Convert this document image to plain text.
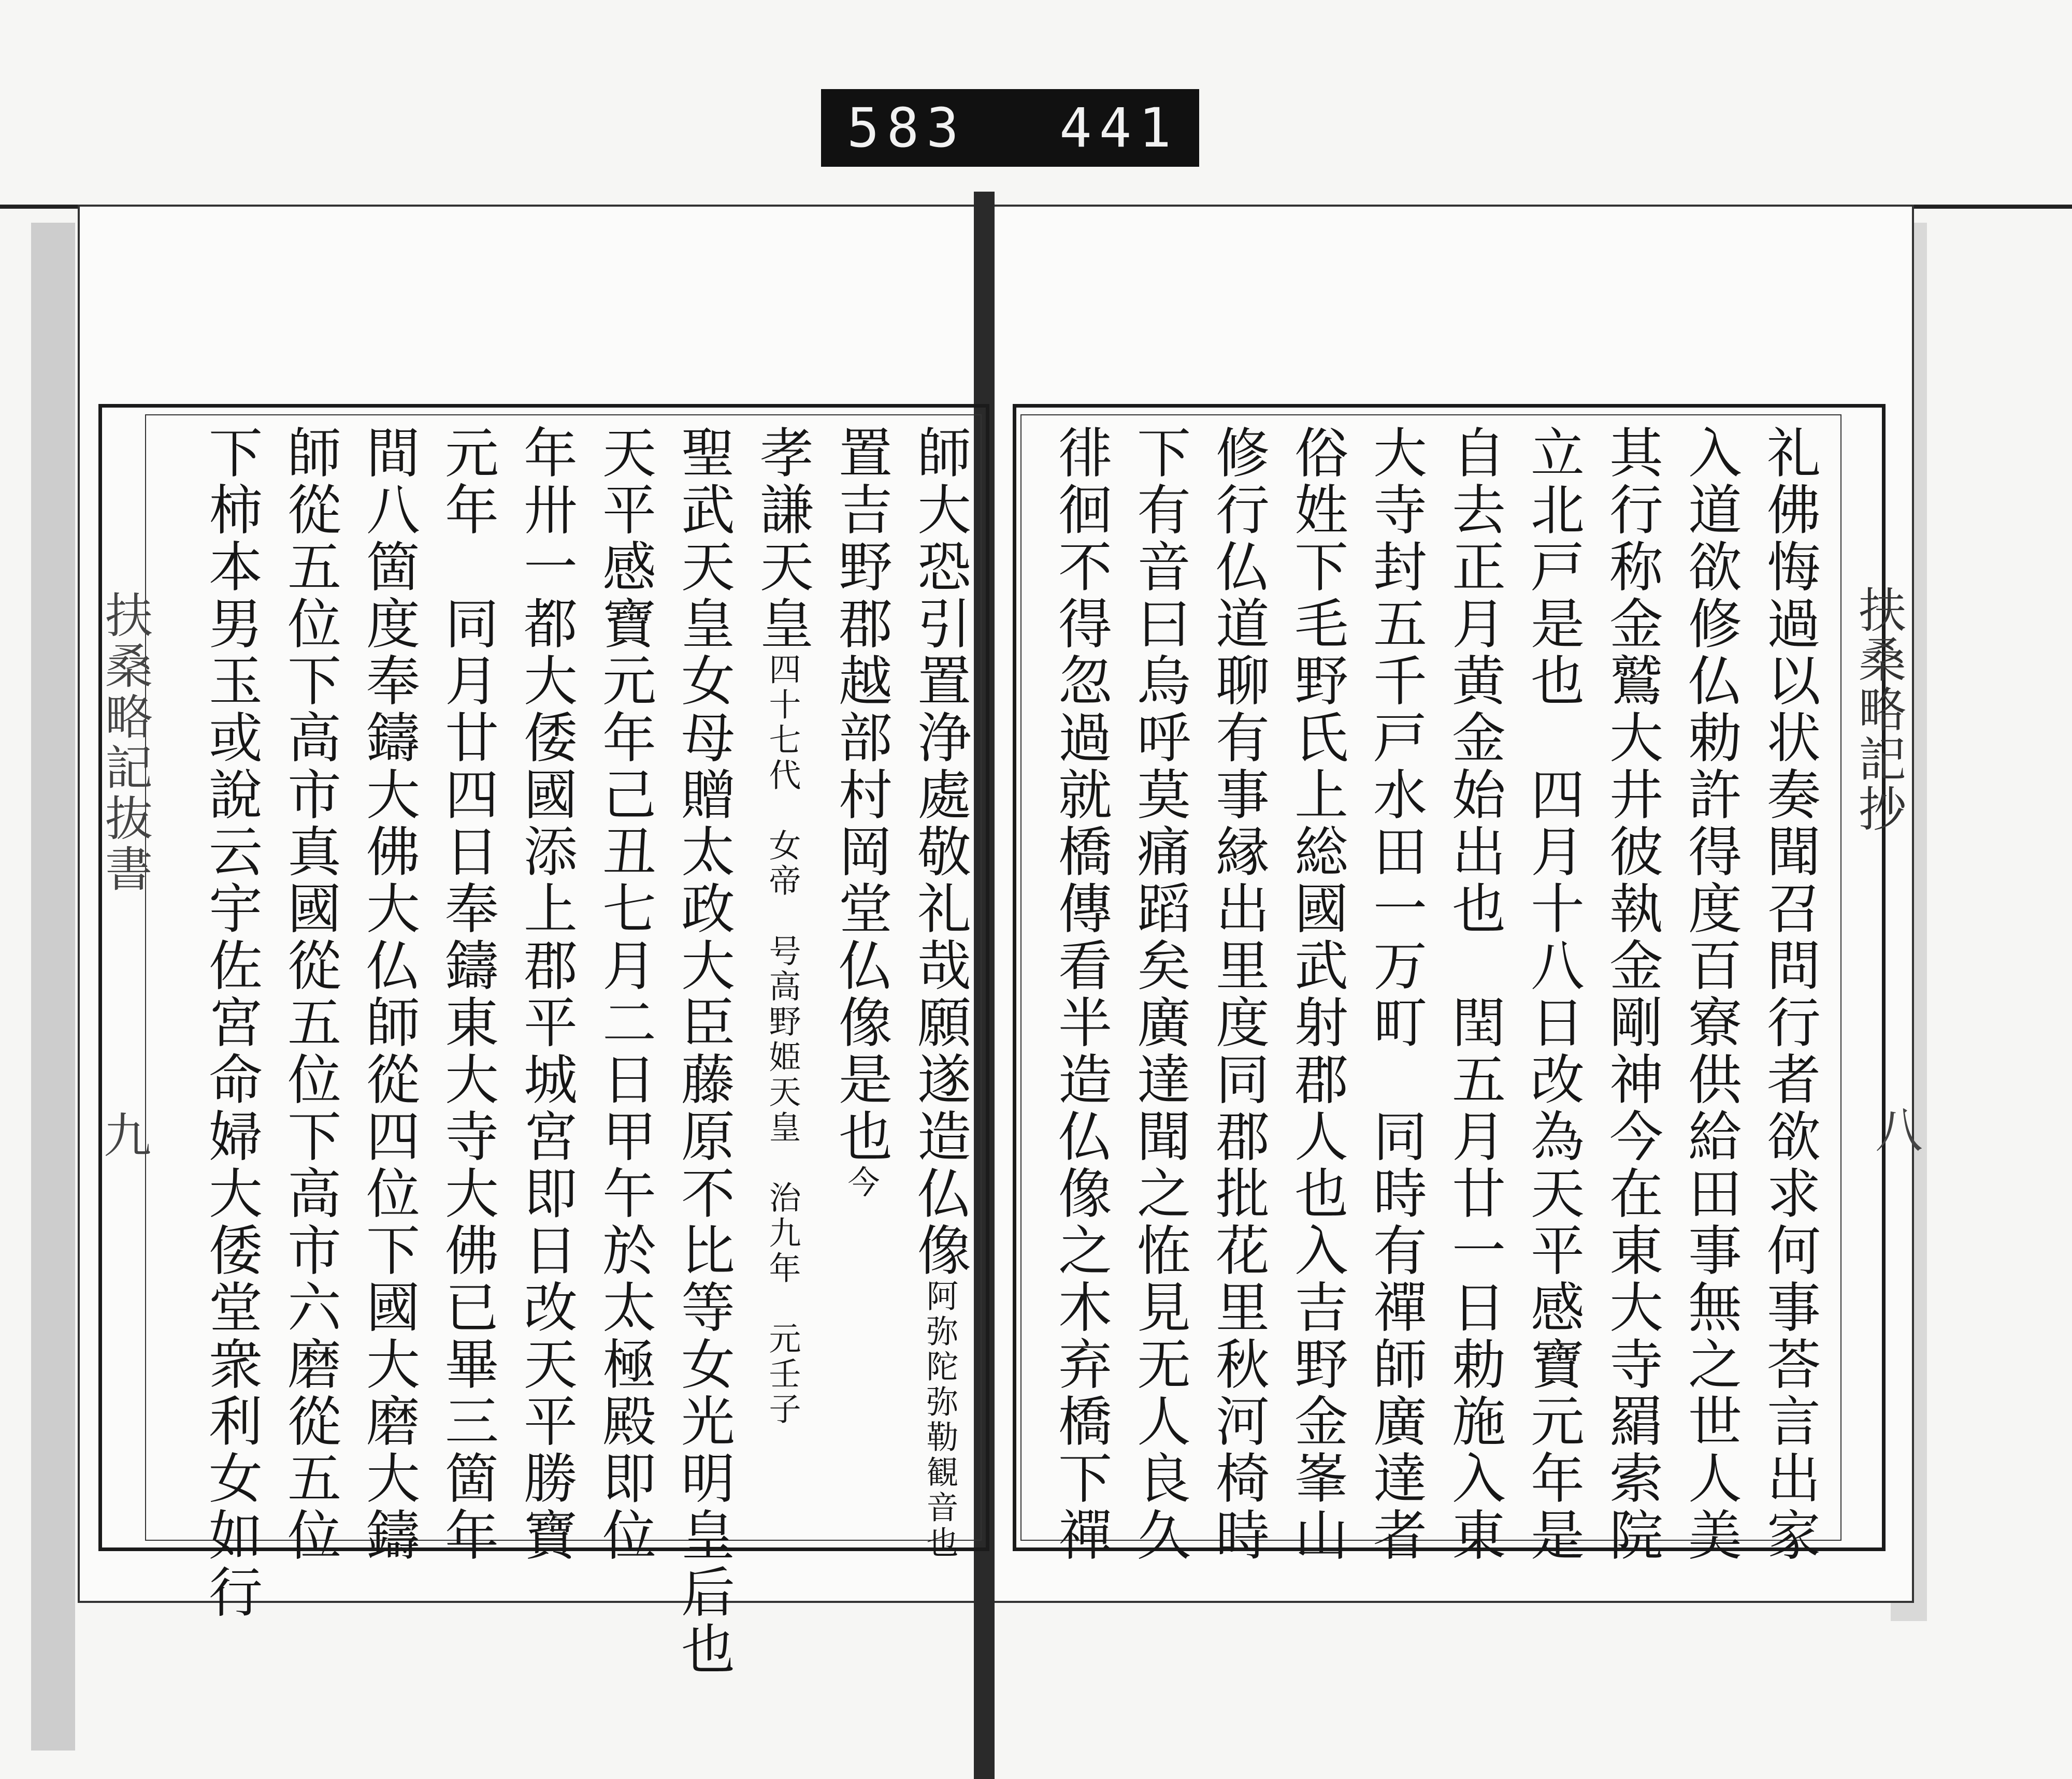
583 441
扶桑略記抄
八
扶桑略記抜書
九	礼佛悔過以状奏聞召問行者欲求何事荅言出家
入道欲修仏勅許得度百寮供給田事無之世人美
其行称金鷲大井彼執金剛神今在東大寺羂索院
立北戸是也　四月十八日改為天平感寶元年是
自去正月黄金始出也　閏五月廿一日勅施入東
大寺封五千戸水田一万町　同時有禪師廣達者
俗姓下毛野氏上総國武射郡人也入吉野金峯山
修行仏道聊有事縁出里度同郡批花里秋河椅時
下有音曰烏呼莫痛蹈矣廣達聞之恠見无人良久
徘徊不得忽過就橋傳看半造仏像之木弃橋下禪
師大恐引置浄處敬礼哉願遂造仏像阿弥陀弥勒観音也
置吉野郡越部村岡堂仏像是也今
孝謙天皇四十七代　女帝　号高野姫天皇　治九年　元壬子
聖武天皇女母贈太政大臣藤原不比等女光明皇后也
天平感寶元年己丑七月二日甲午於太極殿即位
年卅一都大倭國添上郡平城宮即日改天平勝寶
元年　同月廿四日奉鑄東大寺大佛已畢三箇年
間八箇度奉鑄大佛大仏師從四位下國大磨大鑄
師從五位下高市真國從五位下高市六磨從五位
下柿本男玉或說云宇佐宮命婦大倭堂衆利女如行
